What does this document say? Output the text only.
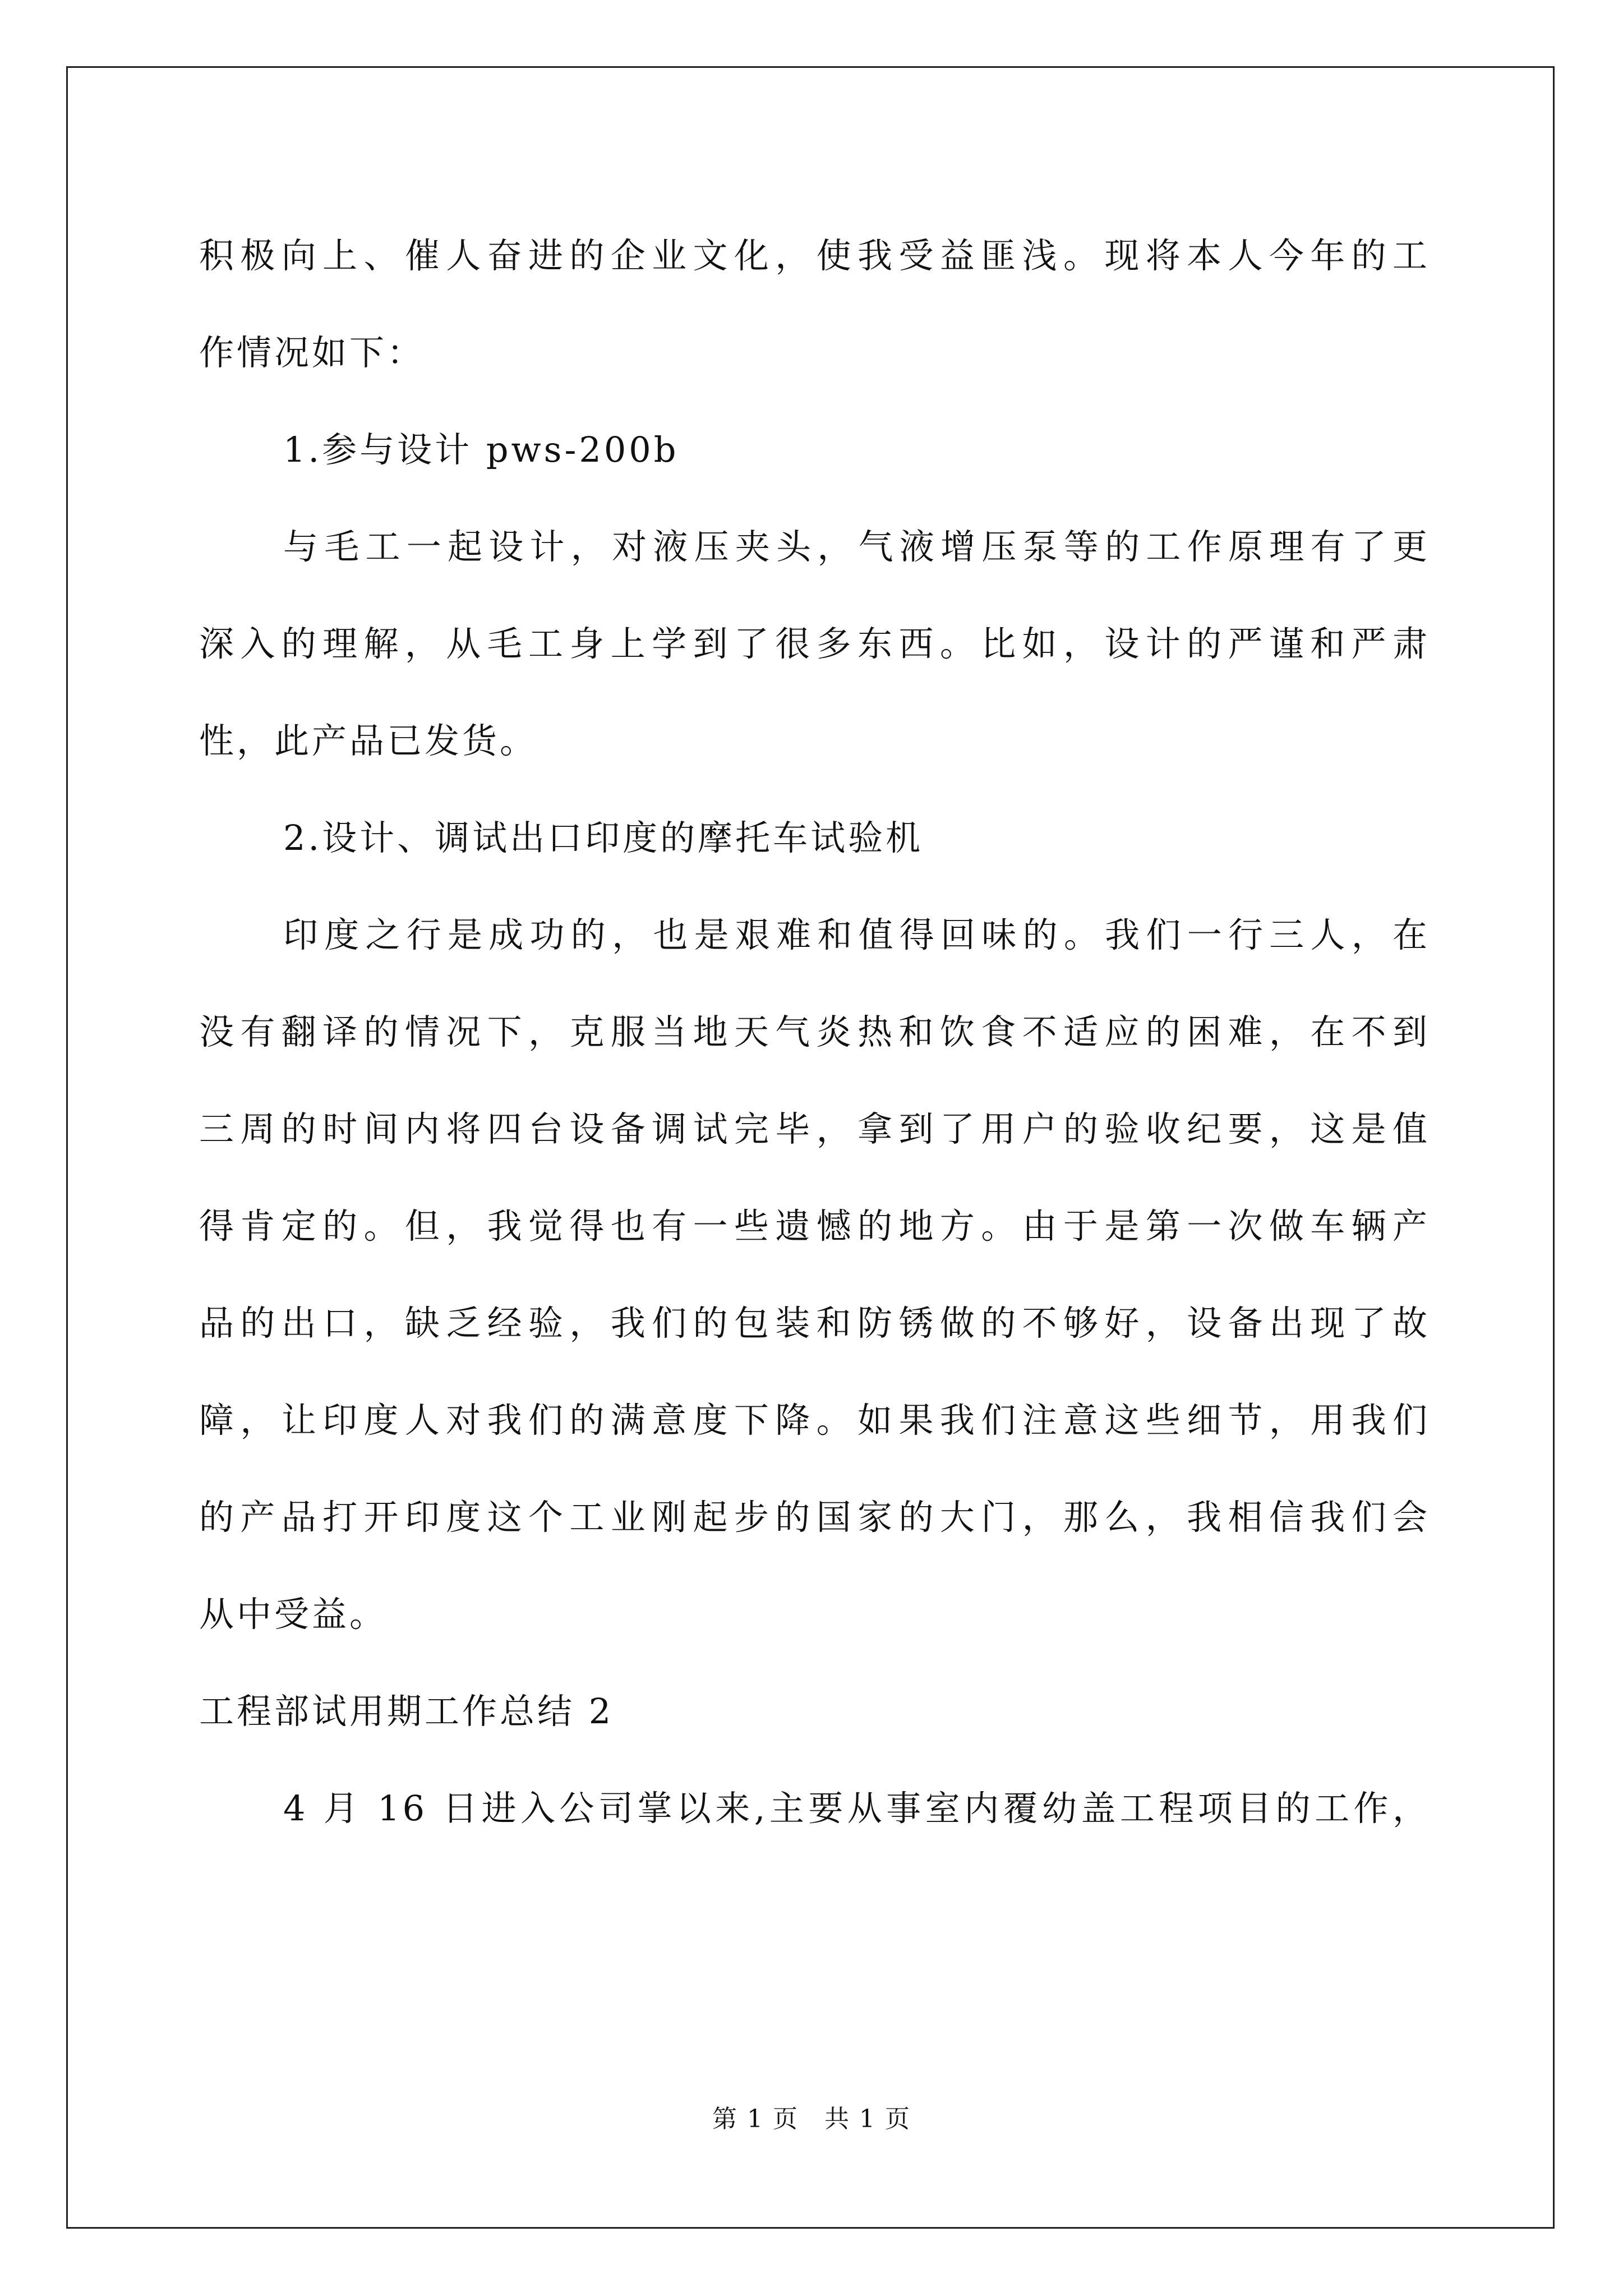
积极向上、催人奋进的企业文化，使我受益匪浅。现将本人今年的工
作情况如下：
1.参与设计 pws-200b
与毛工一起设计，对液压夹头，气液增压泵等的工作原理有了更
深入的理解，从毛工身上学到了很多东西。比如，设计的严谨和严肃
性，此产品已发货。
2.设计、调试出口印度的摩托车试验机
印度之行是成功的，也是艰难和值得回味的。我们一行三人，在
没有翻译的情况下，克服当地天气炎热和饮食不适应的困难，在不到
三周的时间内将四台设备调试完毕，拿到了用户的验收纪要，这是值
得肯定的。但，我觉得也有一些遗憾的地方。由于是第一次做车辆产
品的出口，缺乏经验，我们的包装和防锈做的不够好，设备出现了故
障，让印度人对我们的满意度下降。如果我们注意这些细节，用我们
的产品打开印度这个工业刚起步的国家的大门，那么，我相信我们会
从中受益。
工程部试用期工作总结 2
4 月 16 日进入公司掌以来,主要从事室内覆幼盖工程项目的工作，
第 1 页　共 1 页
